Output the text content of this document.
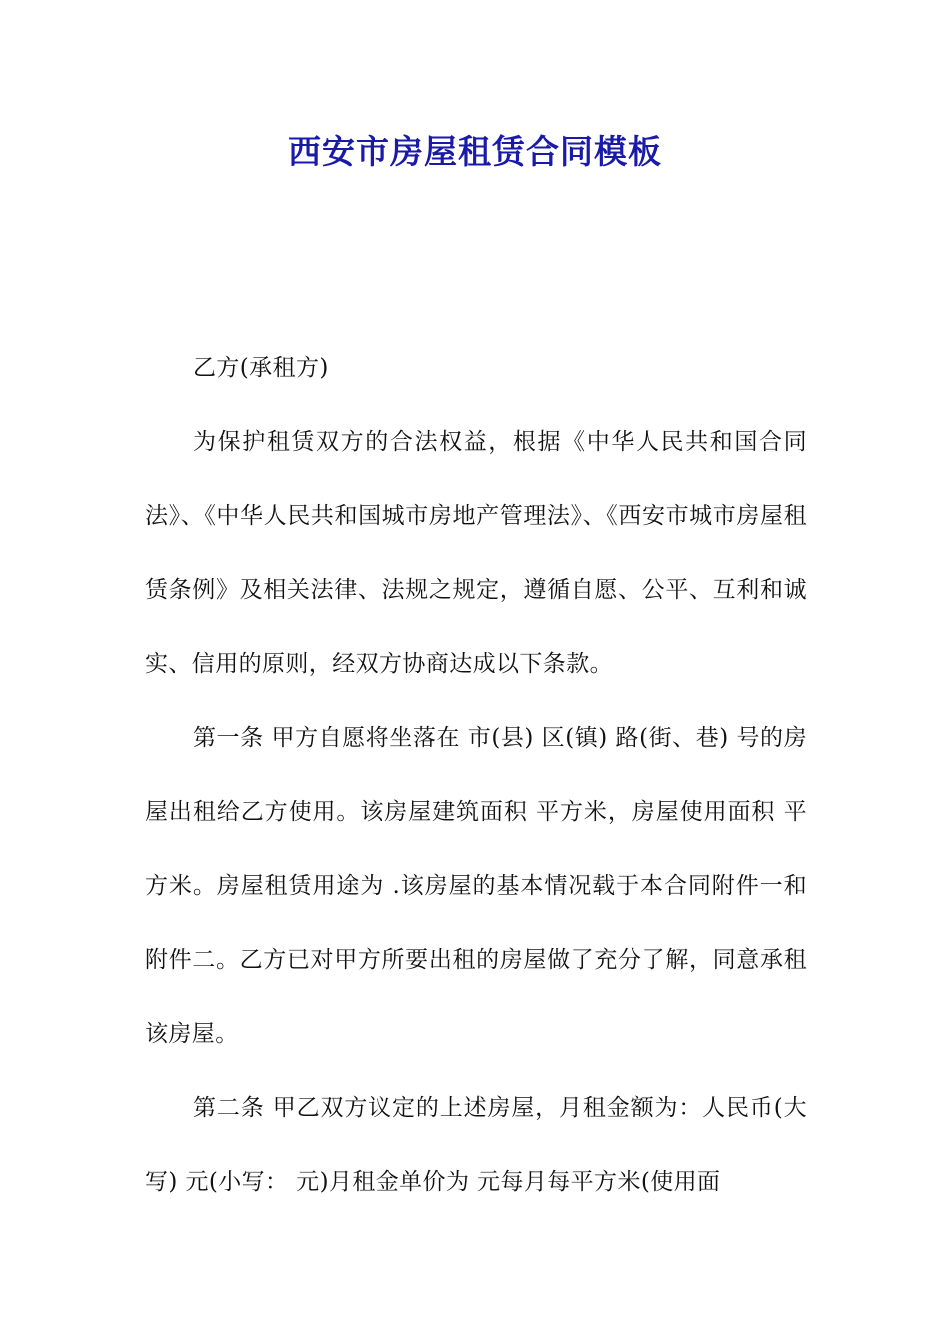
西安市房屋租赁合同模板

乙方(承租方)

为保护租赁双方的合法权益，根据《中华人民共和国合同法》、《中华人民共和国城市房地产管理法》、《西安市城市房屋租赁条例》及相关法律、法规之规定，遵循自愿、公平、互利和诚实、信用的原则，经双方协商达成以下条款。

第一条 甲方自愿将坐落在 市(县) 区(镇) 路(街、巷) 号的房屋出租给乙方使用。该房屋建筑面积 平方米，房屋使用面积 平方米。房屋租赁用途为 .该房屋的基本情况载于本合同附件一和附件二。乙方已对甲方所要出租的房屋做了充分了解，同意承租该房屋。

第二条 甲乙双方议定的上述房屋，月租金额为：人民币(大写) 元(小写： 元)月租金单价为 元每月每平方米(使用面
